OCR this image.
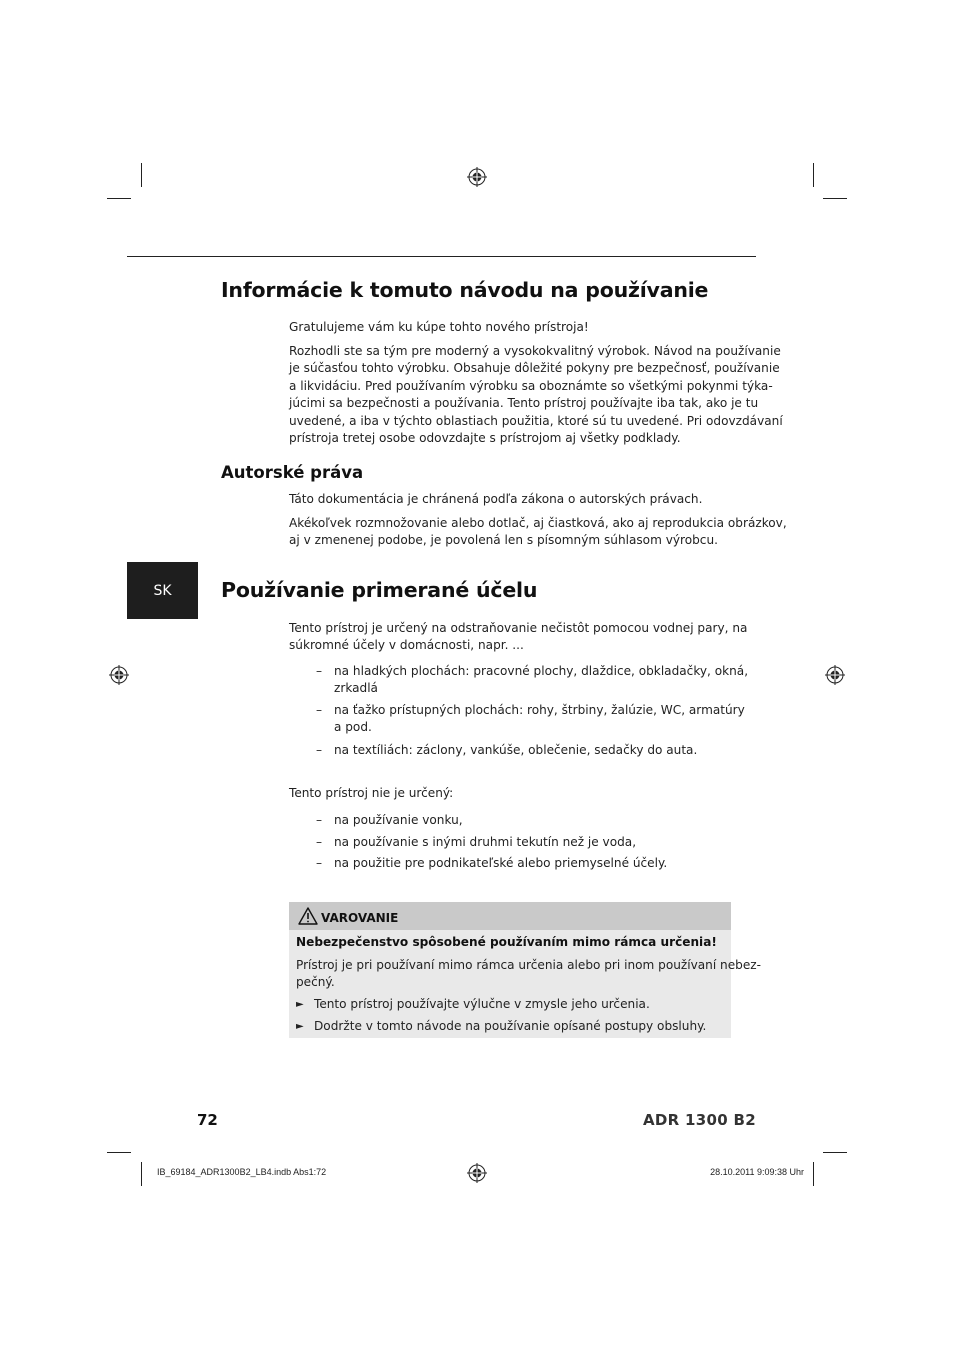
Informácie k tomuto návodu na používanie
Gratulujeme vám ku kúpe tohto nového prístroja!
Rozhodli ste sa tým pre moderný a vysokokvalitný výrobok. Návod na používanie
je súčasťou tohto výrobku. Obsahuje dôležité pokyny pre bezpečnosť, používanie
a likvidáciu. Pred používaním výrobku sa oboznámte so všetkými pokynmi týka-
júcimi sa bezpečnosti a používania. Tento prístroj používajte iba tak, ako je tu
uvedené, a iba v týchto oblastiach použitia, ktoré sú tu uvedené. Pri odovzdávaní
prístroja tretej osobe odovzdajte s prístrojom aj všetky podklady.
Autorské práva
Táto dokumentácia je chránená podľa zákona o autorských právach.
Akékoľvek rozmnožovanie alebo dotlač, aj čiastková, ako aj reprodukcia obrázkov,
aj v zmenenej podobe, je povolená len s písomným súhlasom výrobcu.
SK	Používanie primerané účelu
Tento prístroj je určený na odstraňovanie nečistôt pomocou vodnej pary, na
súkromné účely v domácnosti, napr. ...
– na hladkých plochách: pracovné plochy, dlaždice, obkladačky, okná,
zrkadlá
– na ťažko prístupných plochách: rohy, štrbiny, žalúzie, WC, armatúry
a pod.
– na textíliách: záclony, vankúše, oblečenie, sedačky do auta.
Tento prístroj nie je určený:
– na používanie vonku,
– na používanie s inými druhmi tekutín než je voda,
– na použitie pre podnikateľské alebo priemyselné účely.
VAROVANIE
Nebezpečenstvo spôsobené používaním mimo rámca určenia!
Prístroj je pri používaní mimo rámca určenia alebo pri inom používaní nebez-
pečný.
► Tento prístroj používajte výlučne v zmysle jeho určenia.
► Dodržte v tomto návode na používanie opísané postupy obsluhy.
72	ADR 1300 B2
IB_69184_ADR1300B2_LB4.indb Abs1:72	28.10.2011 9:09:38 Uhr
